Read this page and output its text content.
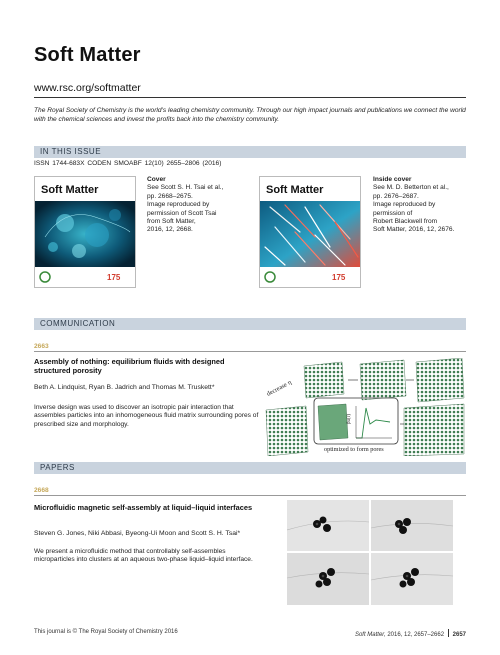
Soft Matter
www.rsc.org/softmatter
The Royal Society of Chemistry is the world’s leading chemistry community. Through our high impact journals and publications we connect the world with the chemical sciences and invest the profits back into the chemistry community.
IN THIS ISSUE
ISSN 1744-683X CODEN SMOABF 12(10) 2655–2806 (2016)
Soft Matter
175
Cover
See Scott S. H. Tsai et al.,
pp. 2668–2675.
Image reproduced by
permission of Scott Tsai
from Soft Matter,
2016, 12, 2668.
Soft Matter
175
Inside cover
See M. D. Betterton et al.,
pp. 2676–2687.
Image reproduced by
permission of
Robert Blackwell from
Soft Matter, 2016, 12, 2676.
COMMUNICATION
2663
Assembly of nothing: equilibrium fluids with designed structured porosity
Beth A. Lindquist, Ryan B. Jadrich and Thomas M. Truskett*
Inverse design was used to discover an isotropic pair interaction that assembles particles into an inhomogeneous fluid matrix surrounding pores of prescribed size and morphology.
βu(r)
optimized to form pores
decrease η
PAPERS
2668
Microfluidic magnetic self-assembly at liquid–liquid interfaces
Steven G. Jones, Niki Abbasi, Byeong-Ui Moon and Scott S. H. Tsai*
We present a microfluidic method that controllably self-assembles microparticles into clusters at an aqueous two-phase liquid–liquid interface.
This journal is © The Royal Society of Chemistry 2016	Soft Matter, 2016, 12, 2657–2662 2657
